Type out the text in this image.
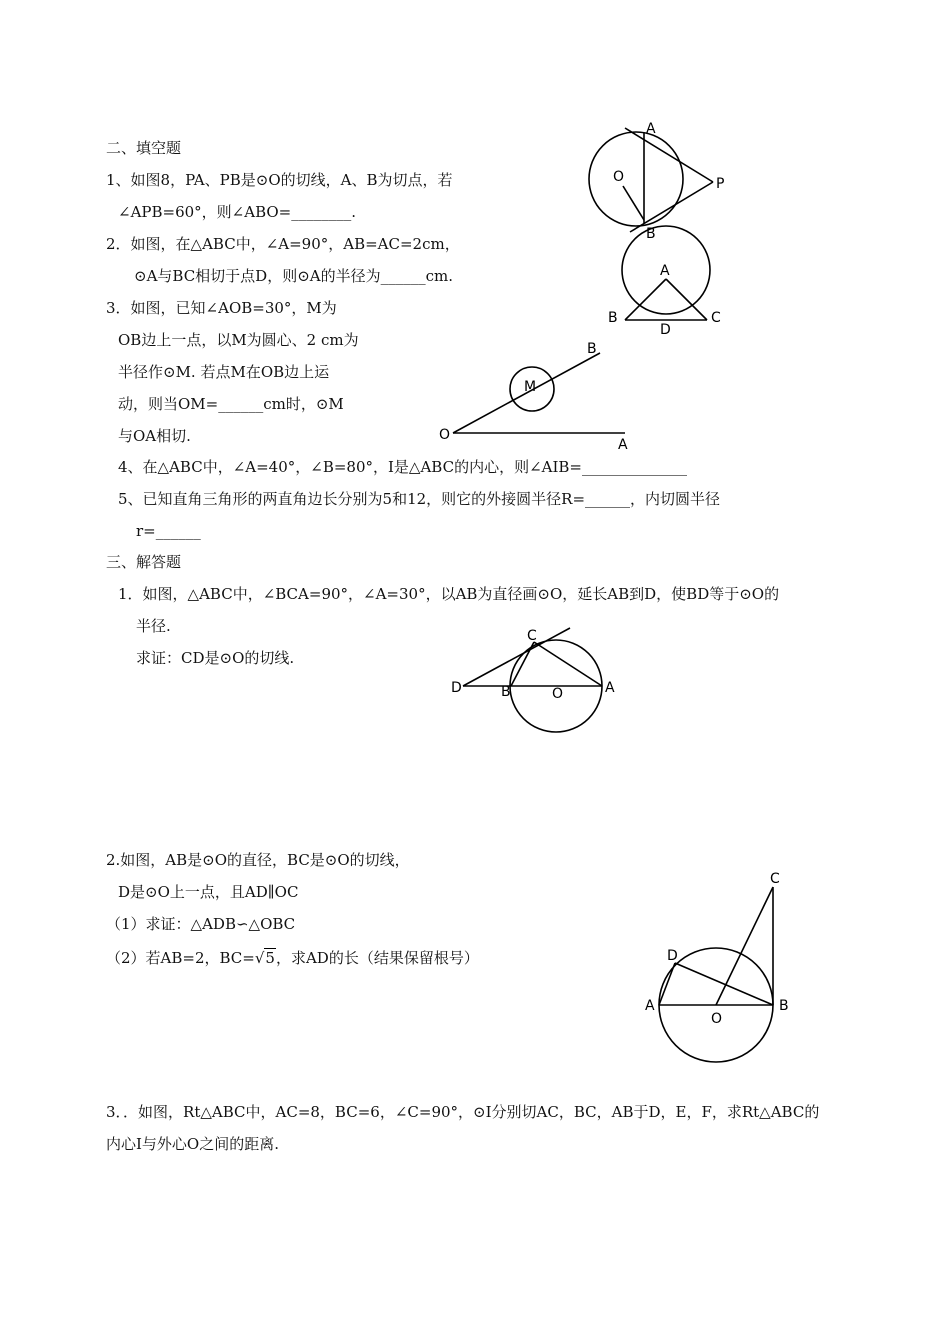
二、填空题
1、如图8，PA、PB是⊙O的切线，A、B为切点，若
∠APB=60°，则∠ABO=________.
2．如图，在△ABC中，∠A=90°，AB=AC=2cm，
⊙A与BC相切于点D，则⊙A的半径为______cm.
3．如图，已知∠AOB=30°，M为
OB边上一点，以M为圆心、2 cm为
半径作⊙M. 若点M在OB边上运
动，则当OM=______cm时，⊙M
与OA相切.
4、在△ABC中，∠A=40°，∠B=80°，I是△ABC的内心，则∠AIB=______________
5、已知直角三角形的两直角边长分别为5和12，则它的外接圆半径R=______，内切圆半径
r=______
三、解答题
1．如图，△ABC中，∠BCA=90°，∠A=30°，以AB为直径画⊙O，延长AB到D，使BD等于⊙O的
半径.
求证：CD是⊙O的切线.
2.如图，AB是⊙O的直径，BC是⊙O的切线，
D是⊙O上一点，且AD∥OC
（1）求证：△ADB∽△OBC
（2）若AB=2，BC=√5，求AD的长（结果保留根号）
3．．如图，Rt△ABC中，AC=8，BC=6，∠C=90°，⊙I分别切AC，BC，AB于D，E，F，求Rt△ABC的
内心I与外心O之间的距离.
A
O	P
B
A
B	C
D
B
M
O
A
C
D	B	O	A
C
D
A
O
B
